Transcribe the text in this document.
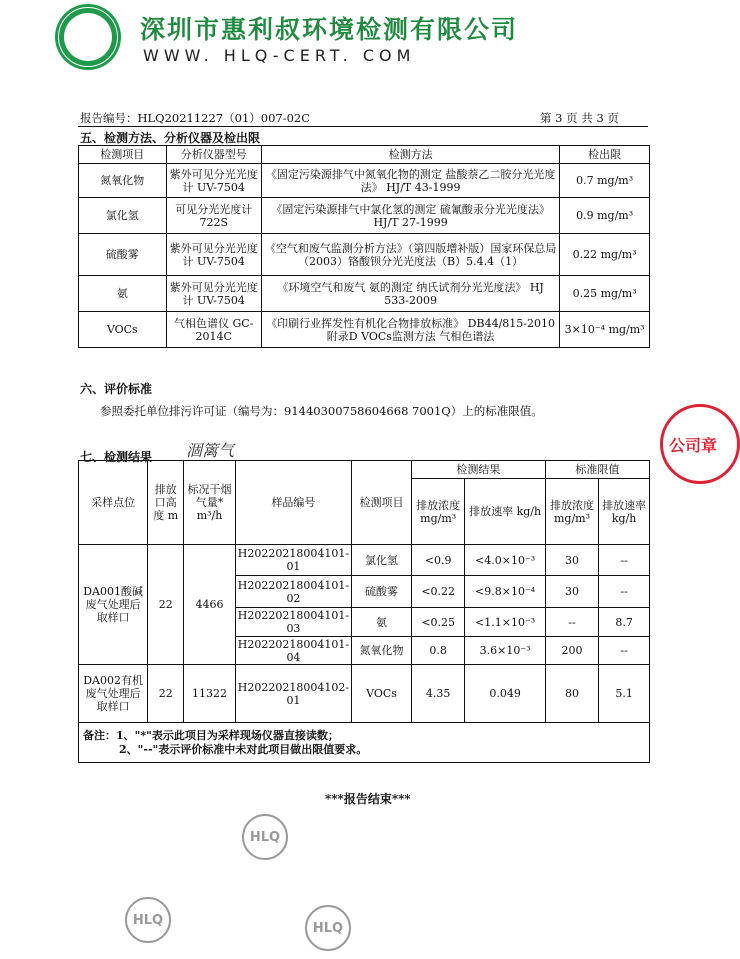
深圳市惠利叔环境检测有限公司
WWW. HLQ-CERT. COM
报告编号：HLQ20211227（01）007-02C	第 3 页 共 3 页
五、检测方法、分析仪器及检出限
检测项目	分析仪器型号	检测方法	检出限
氮氧化物	紫外可见分光光度计 UV-7504	《固定污染源排气中氮氧化物的测定 盐酸萘乙二胺分光光度法》 HJ/T 43-1999	0.7 mg/m³
氯化氢	可见分光光度计 722S	《固定污染源排气中氯化氢的测定 硫氰酸汞分光光度法》 HJ/T 27-1999	0.9 mg/m³
硫酸雾	紫外可见分光光度计 UV-7504	《空气和废气监测分析方法》（第四版增补版）国家环保总局（2003）铬酸钡分光光度法（B）5.4.4（1）	0.22 mg/m³
氨	紫外可见分光光度计 UV-7504	《环境空气和废气 氨的测定 纳氏试剂分光光度法》 HJ 533-2009	0.25 mg/m³
VOCs	气相色谱仪 GC-2014C	《印刷行业挥发性有机化合物排放标准》 DB44/815-2010 附录D VOCs监测方法 气相色谱法	3×10⁻⁴ mg/m³
六、评价标准
参照委托单位排污许可证（编号为：91440300758604668 7001Q）上的标准限值。
七、检测结果 涸篱气
采样点位	排放口高度 m	标况干烟气量* m³/h	样品编号	检测项目	检测结果		标准限值	
					排放浓度 mg/m³	排放速率 kg/h	排放浓度 mg/m³	排放速率 kg/h
DA001酸碱废气处理后取样口	22	4466	H20220218004101-01	氯化氢	<0.9	<4.0×10⁻³	30	--
			H20220218004101-02	硫酸雾	<0.22	<9.8×10⁻⁴	30	--
			H20220218004101-03	氨	<0.25	<1.1×10⁻³	--	8.7
			H20220218004101-04	氮氧化物	0.8	3.6×10⁻³	200	--
DA002有机废气处理后取样口	22	11322	H20220218004102-01	VOCs	4.35	0.049	80	5.1

备注：1、"*"表示此项目为采样现场仪器直接读数；
2、"--"表示评价标准中未对此项目做出限值要求。								
***报告结束***
HLQ
HLQ
HLQ
公司章
